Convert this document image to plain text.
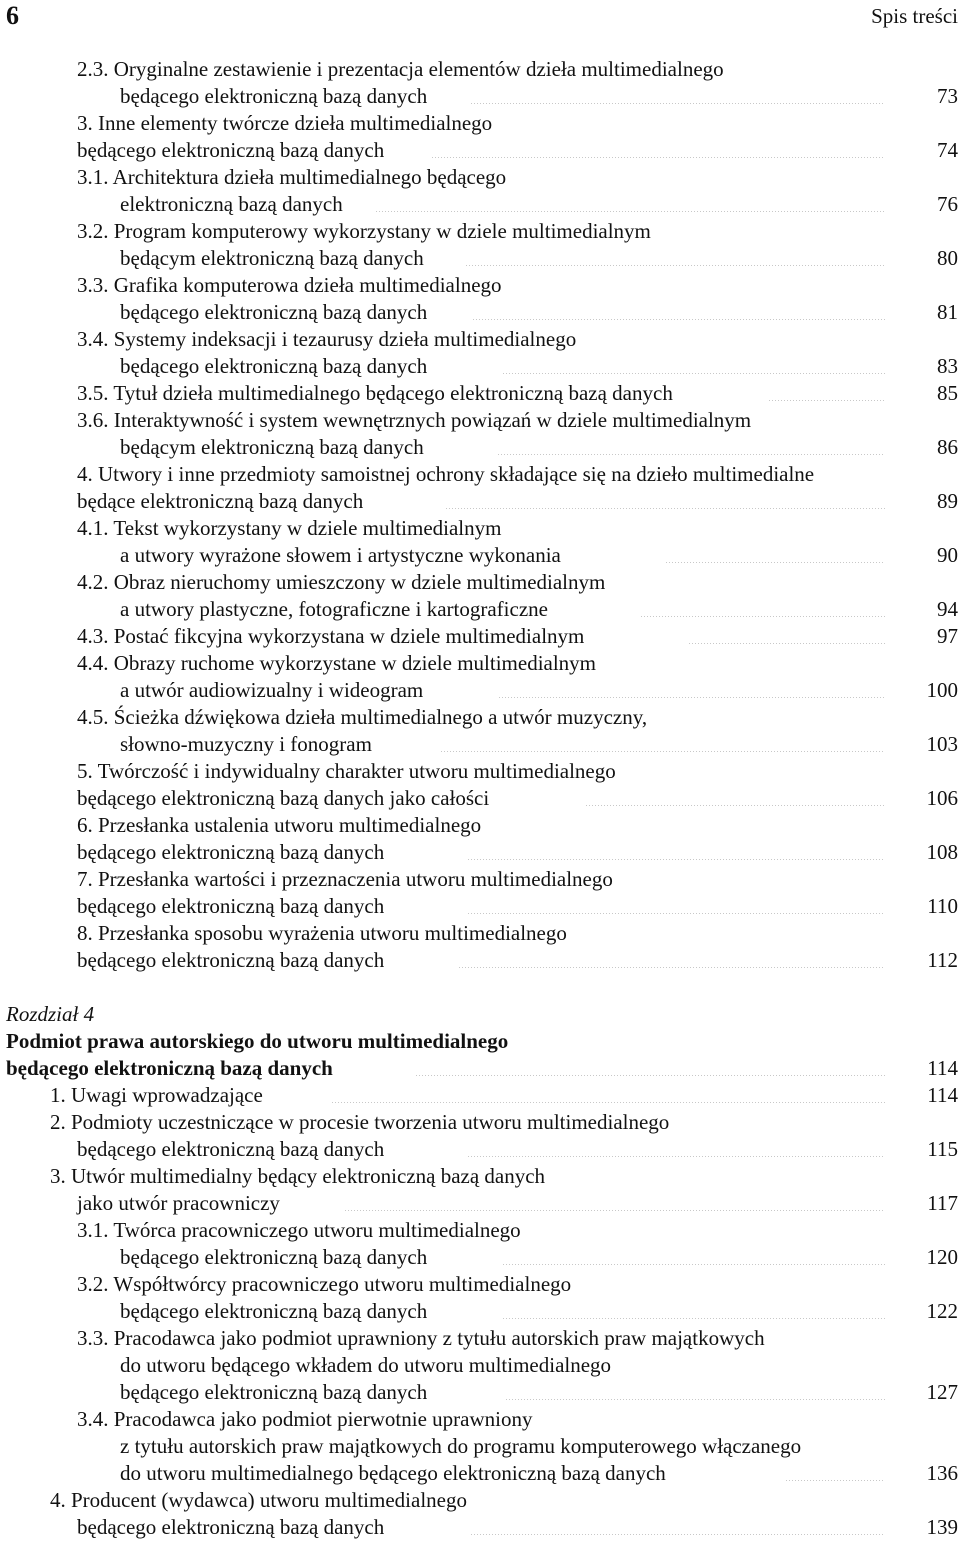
6	Spis treści
2.3. Oryginalne zestawienie i prezentacja elementów dzieła multimedialnego
będącego elektroniczną bazą danych	73
3. Inne elementy twórcze dzieła multimedialnego
będącego elektroniczną bazą danych	74
3.1. Architektura dzieła multimedialnego będącego
elektroniczną bazą danych	76
3.2. Program komputerowy wykorzystany w dziele multimedialnym
będącym elektroniczną bazą danych	80
3.3. Grafika komputerowa dzieła multimedialnego
będącego elektroniczną bazą danych	81
3.4. Systemy indeksacji i tezaurusy dzieła multimedialnego
będącego elektroniczną bazą danych	83
3.5. Tytuł dzieła multimedialnego będącego elektroniczną bazą danych	85
3.6. Interaktywność i system wewnętrznych powiązań w dziele multimedialnym
będącym elektroniczną bazą danych	86
4. Utwory i inne przedmioty samoistnej ochrony składające się na dzieło multimedialne
będące elektroniczną bazą danych	89
4.1. Tekst wykorzystany w dziele multimedialnym
a utwory wyrażone słowem i artystyczne wykonania	90
4.2. Obraz nieruchomy umieszczony w dziele multimedialnym
a utwory plastyczne, fotograficzne i kartograficzne	94
4.3. Postać fikcyjna wykorzystana w dziele multimedialnym	97
4.4. Obrazy ruchome wykorzystane w dziele multimedialnym
a utwór audiowizualny i wideogram	100
4.5. Ścieżka dźwiękowa dzieła multimedialnego a utwór muzyczny,
słowno-muzyczny i fonogram	103
5. Twórczość i indywidualny charakter utworu multimedialnego
będącego elektroniczną bazą danych jako całości	106
6. Przesłanka ustalenia utworu multimedialnego
będącego elektroniczną bazą danych	108
7. Przesłanka wartości i przeznaczenia utworu multimedialnego
będącego elektroniczną bazą danych	110
8. Przesłanka sposobu wyrażenia utworu multimedialnego
będącego elektroniczną bazą danych	112
Rozdział 4
Podmiot prawa autorskiego do utworu multimedialnego
będącego elektroniczną bazą danych	114
1. Uwagi wprowadzające	114
2. Podmioty uczestniczące w procesie tworzenia utworu multimedialnego
będącego elektroniczną bazą danych	115
3. Utwór multimedialny będący elektroniczną bazą danych
jako utwór pracowniczy	117
3.1. Twórca pracowniczego utworu multimedialnego
będącego elektroniczną bazą danych	120
3.2. Współtwórcy pracowniczego utworu multimedialnego
będącego elektroniczną bazą danych	122
3.3. Pracodawca jako podmiot uprawniony z tytułu autorskich praw majątkowych
do utworu będącego wkładem do utworu multimedialnego
będącego elektroniczną bazą danych	127
3.4. Pracodawca jako podmiot pierwotnie uprawniony
z tytułu autorskich praw majątkowych do programu komputerowego włączanego
do utworu multimedialnego będącego elektroniczną bazą danych	136
4. Producent (wydawca) utworu multimedialnego
będącego elektroniczną bazą danych	139
